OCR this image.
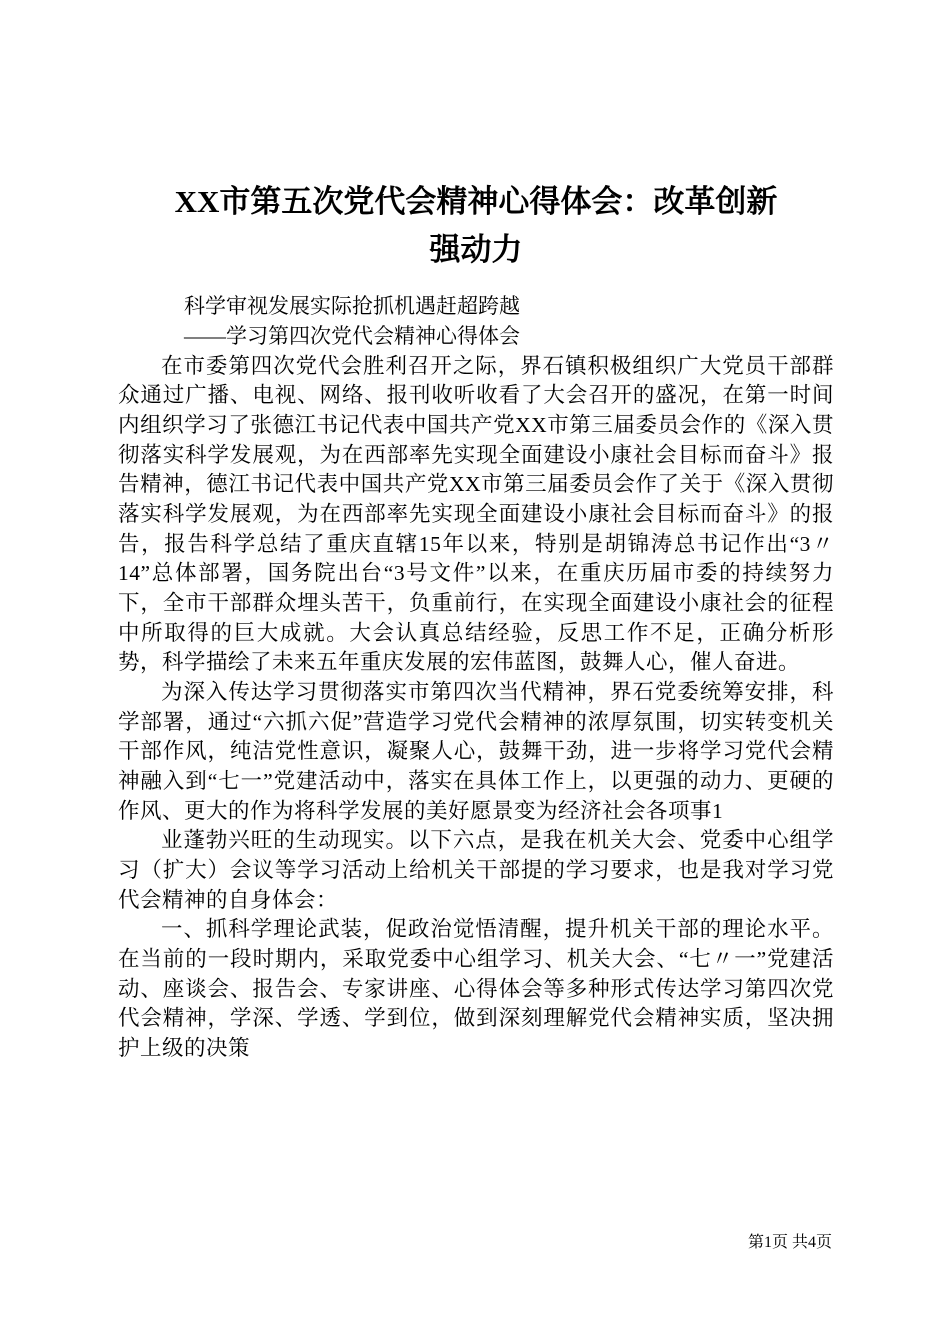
XX市第五次党代会精神心得体会：改革创新
强动力

科学审视发展实际抢抓机遇赶超跨越

——学习第四次党代会精神心得体会

在市委第四次党代会胜利召开之际，界石镇积极组织广大党员干部群众通过广播、电视、网络、报刊收听收看了大会召开的盛况，在第一时间内组织学习了张德江书记代表中国共产党XX市第三届委员会作的《深入贯彻落实科学发展观，为在西部率先实现全面建设小康社会目标而奋斗》报告精神，德江书记代表中国共产党XX市第三届委员会作了关于《深入贯彻落实科学发展观，为在西部率先实现全面建设小康社会目标而奋斗》的报告，报告科学总结了重庆直辖15年以来，特别是胡锦涛总书记作出“3〃14”总体部署，国务院出台“3号文件”以来，在重庆历届市委的持续努力下，全市干部群众埋头苦干，负重前行，在实现全面建设小康社会的征程中所取得的巨大成就。大会认真总结经验，反思工作不足，正确分析形势，科学描绘了未来五年重庆发展的宏伟蓝图，鼓舞人心，催人奋进。

为深入传达学习贯彻落实市第四次当代精神，界石党委统筹安排，科学部署，通过“六抓六促”营造学习党代会精神的浓厚氛围，切实转变机关干部作风，纯洁党性意识，凝聚人心，鼓舞干劲，进一步将学习党代会精神融入到“七一”党建活动中，落实在具体工作上，以更强的动力、更硬的作风、更大的作为将科学发展的美好愿景变为经济社会各项事1

业蓬勃兴旺的生动现实。以下六点，是我在机关大会、党委中心组学习（扩大）会议等学习活动上给机关干部提的学习要求，也是我对学习党代会精神的自身体会：

一、抓科学理论武装，促政治觉悟清醒，提升机关干部的理论水平。在当前的一段时期内，采取党委中心组学习、机关大会、“七〃一”党建活动、座谈会、报告会、专家讲座、心得体会等多种形式传达学习第四次党代会精神，学深、学透、学到位，做到深刻理解党代会精神实质，坚决拥护上级的决策

第1页 共4页
